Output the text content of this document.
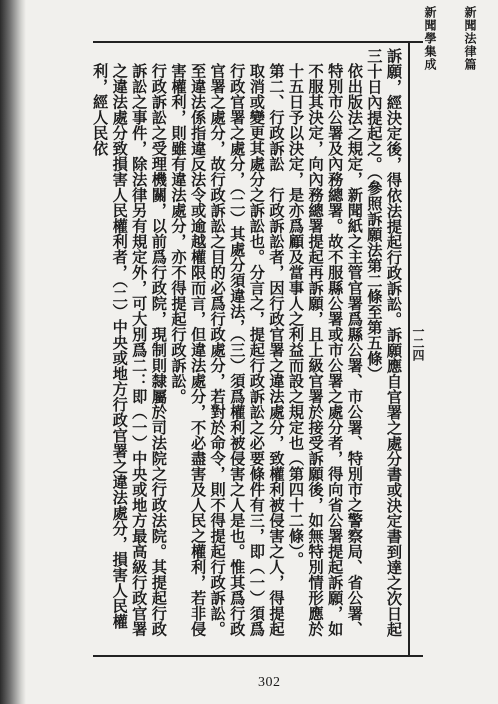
新聞法律篇
新聞學集成
一二四

訴願，經決定後，得依法提起行政訴訟。訴願應自官署之處分書或決定書到達之次日起三十日內提起之。（參照訴願法第二條至第五條）

依出版法之規定，新聞紙之主管官署爲縣公署、市公署、特別市之警察局、省公署、特別市公署及內務總署。故不服縣公署或市公署之處分者，得向省公署提起訴願，如不服其決定，向內務總署提起再訴願，且上級官署於接受訴願後，如無特別情形應於十五日予以決定，是亦爲顧及當事人之利益而設之規定也（第四十二條）。

第二、行政訴訟　行政訴訟者，因行政官署之違法處分，致權利被侵害之人，得提起取消或變更其處分之訴訟也。分言之，提起行政訴訟之必要條件有三，即（一）須爲行政官署之處分，（二）其處分須違法，（三）須爲權利被侵害之人是也。惟其爲行政官署之處分，故行政訴訟之目的必爲行政處分，若對於命令，則不得提起行政訴訟。至違法係指違反法令或逾越權限而言，但違法處分，不必盡害及人民之權利，若非侵害權利，則雖有違法處分，亦不得提起行政訴訟。

行政訴訟之受理機關，以前爲行政院，現制則隸屬於司法院之行政法院。其提起行政訴訟之事件，除法律另有規定外，可大別爲二：即（一）中央或地方最高級行政官署之違法處分致損害人民權利者，（二）中央或地方行政官署之違法處分，損害人民權利，經人民依

302
